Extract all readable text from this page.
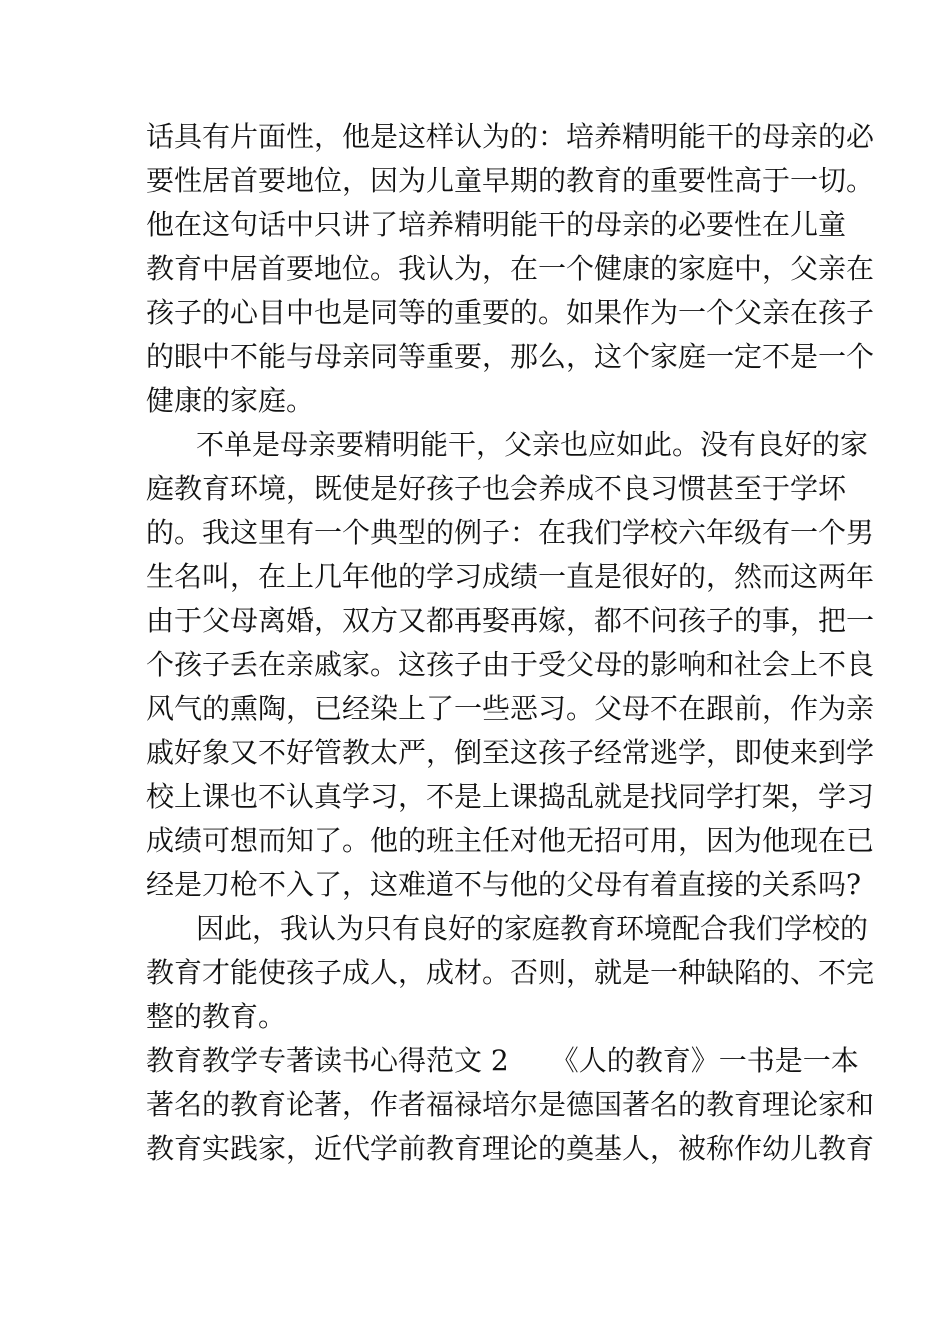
话具有片面性，他是这样认为的：培养精明能干的母亲的必
要性居首要地位，因为儿童早期的教育的重要性高于一切。
他在这句话中只讲了培养精明能干的母亲的必要性在儿童
教育中居首要地位。我认为，在一个健康的家庭中，父亲在
孩子的心目中也是同等的重要的。如果作为一个父亲在孩子
的眼中不能与母亲同等重要，那么，这个家庭一定不是一个
健康的家庭。
不单是母亲要精明能干，父亲也应如此。没有良好的家
庭教育环境，既使是好孩子也会养成不良习惯甚至于学坏
的。我这里有一个典型的例子：在我们学校六年级有一个男
生名叫，在上几年他的学习成绩一直是很好的，然而这两年
由于父母离婚，双方又都再娶再嫁，都不问孩子的事，把一
个孩子丢在亲戚家。这孩子由于受父母的影响和社会上不良
风气的熏陶，已经染上了一些恶习。父母不在跟前，作为亲
戚好象又不好管教太严，倒至这孩子经常逃学，即使来到学
校上课也不认真学习，不是上课捣乱就是找同学打架，学习
成绩可想而知了。他的班主任对他无招可用，因为他现在已
经是刀枪不入了，这难道不与他的父母有着直接的关系吗?
因此，我认为只有良好的家庭教育环境配合我们学校的
教育才能使孩子成人，成材。否则，就是一种缺陷的、不完
整的教育。
教育教学专著读书心得范文 2　　《人的教育》一书是一本
著名的教育论著，作者福禄培尔是德国著名的教育理论家和
教育实践家，近代学前教育理论的奠基人，被称作幼儿教育
